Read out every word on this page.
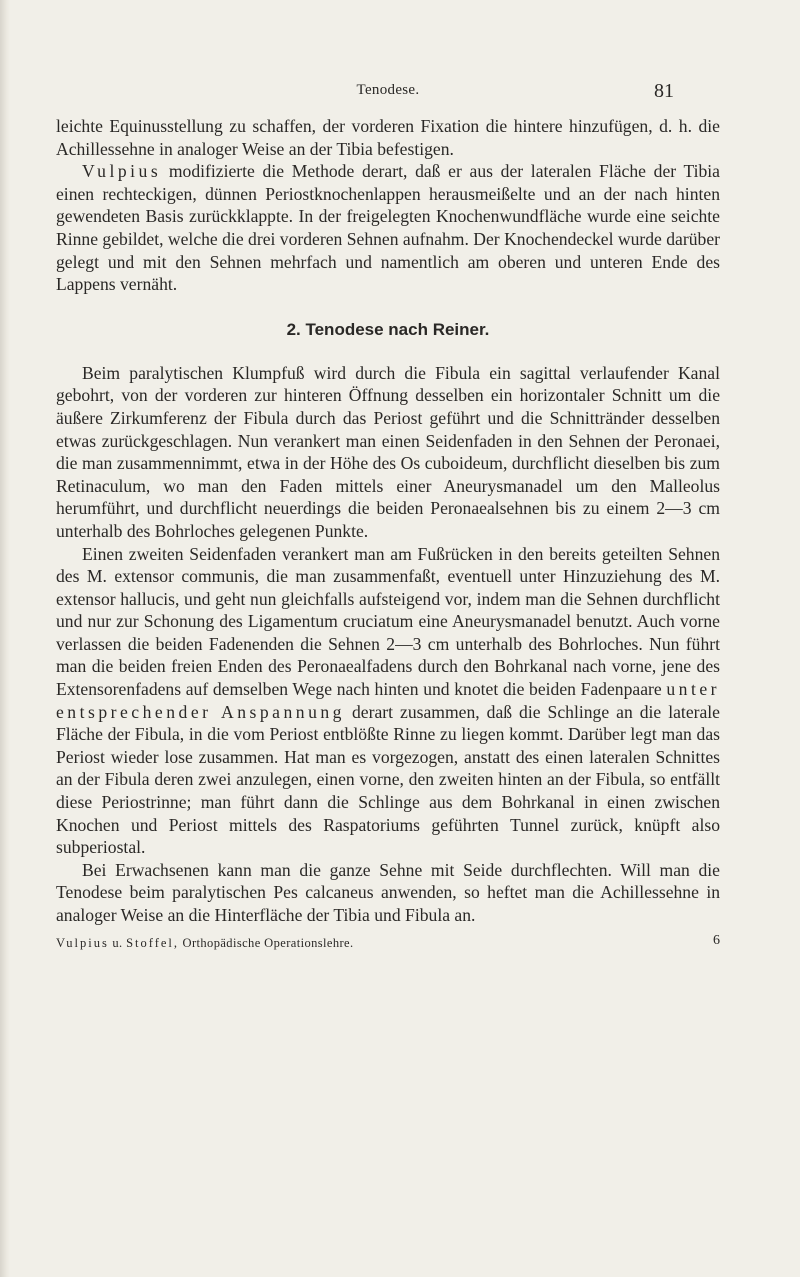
Tenodese.	81

leichte Equinusstellung zu schaffen, der vorderen Fixation die hintere hinzufügen, d. h. die Achillessehne in analoger Weise an der Tibia befestigen.

Vulpius modifizierte die Methode derart, daß er aus der lateralen Fläche der Tibia einen rechteckigen, dünnen Periostknochenlappen herausmeißelte und an der nach hinten gewendeten Basis zurückklappte. In der freigelegten Knochenwundfläche wurde eine seichte Rinne gebildet, welche die drei vorderen Sehnen aufnahm. Der Knochendeckel wurde darüber gelegt und mit den Sehnen mehrfach und namentlich am oberen und unteren Ende des Lappens vernäht.

2. Tenodese nach Reiner.

Beim paralytischen Klumpfuß wird durch die Fibula ein sagittal verlaufender Kanal gebohrt, von der vorderen zur hinteren Öffnung desselben ein horizontaler Schnitt um die äußere Zirkumferenz der Fibula durch das Periost geführt und die Schnittränder desselben etwas zurückgeschlagen. Nun verankert man einen Seidenfaden in den Sehnen der Peronaei, die man zusammennimmt, etwa in der Höhe des Os cuboideum, durchflicht dieselben bis zum Retinaculum, wo man den Faden mittels einer Aneurysmanadel um den Malleolus herumführt, und durchflicht neuerdings die beiden Peronaealsehnen bis zu einem 2—3 cm unterhalb des Bohrloches gelegenen Punkte.

Einen zweiten Seidenfaden verankert man am Fußrücken in den bereits geteilten Sehnen des M. extensor communis, die man zusammenfaßt, eventuell unter Hinzuziehung des M. extensor hallucis, und geht nun gleichfalls aufsteigend vor, indem man die Sehnen durchflicht und nur zur Schonung des Ligamentum cruciatum eine Aneurysmanadel benutzt. Auch vorne verlassen die beiden Fadenenden die Sehnen 2—3 cm unterhalb des Bohrloches. Nun führt man die beiden freien Enden des Peronaealfadens durch den Bohrkanal nach vorne, jene des Extensorenfadens auf demselben Wege nach hinten und knotet die beiden Fadenpaare unter entsprechender Anspannung derart zusammen, daß die Schlinge an die laterale Fläche der Fibula, in die vom Periost entblößte Rinne zu liegen kommt. Darüber legt man das Periost wieder lose zusammen. Hat man es vorgezogen, anstatt des einen lateralen Schnittes an der Fibula deren zwei anzulegen, einen vorne, den zweiten hinten an der Fibula, so entfällt diese Periostrinne; man führt dann die Schlinge aus dem Bohrkanal in einen zwischen Knochen und Periost mittels des Raspatoriums geführten Tunnel zurück, knüpft also subperiostal.

Bei Erwachsenen kann man die ganze Sehne mit Seide durchflechten. Will man die Tenodese beim paralytischen Pes calcaneus anwenden, so heftet man die Achillessehne in analoger Weise an die Hinterfläche der Tibia und Fibula an.

Vulpius u. Stoffel, Orthopädische Operationslehre.	6
